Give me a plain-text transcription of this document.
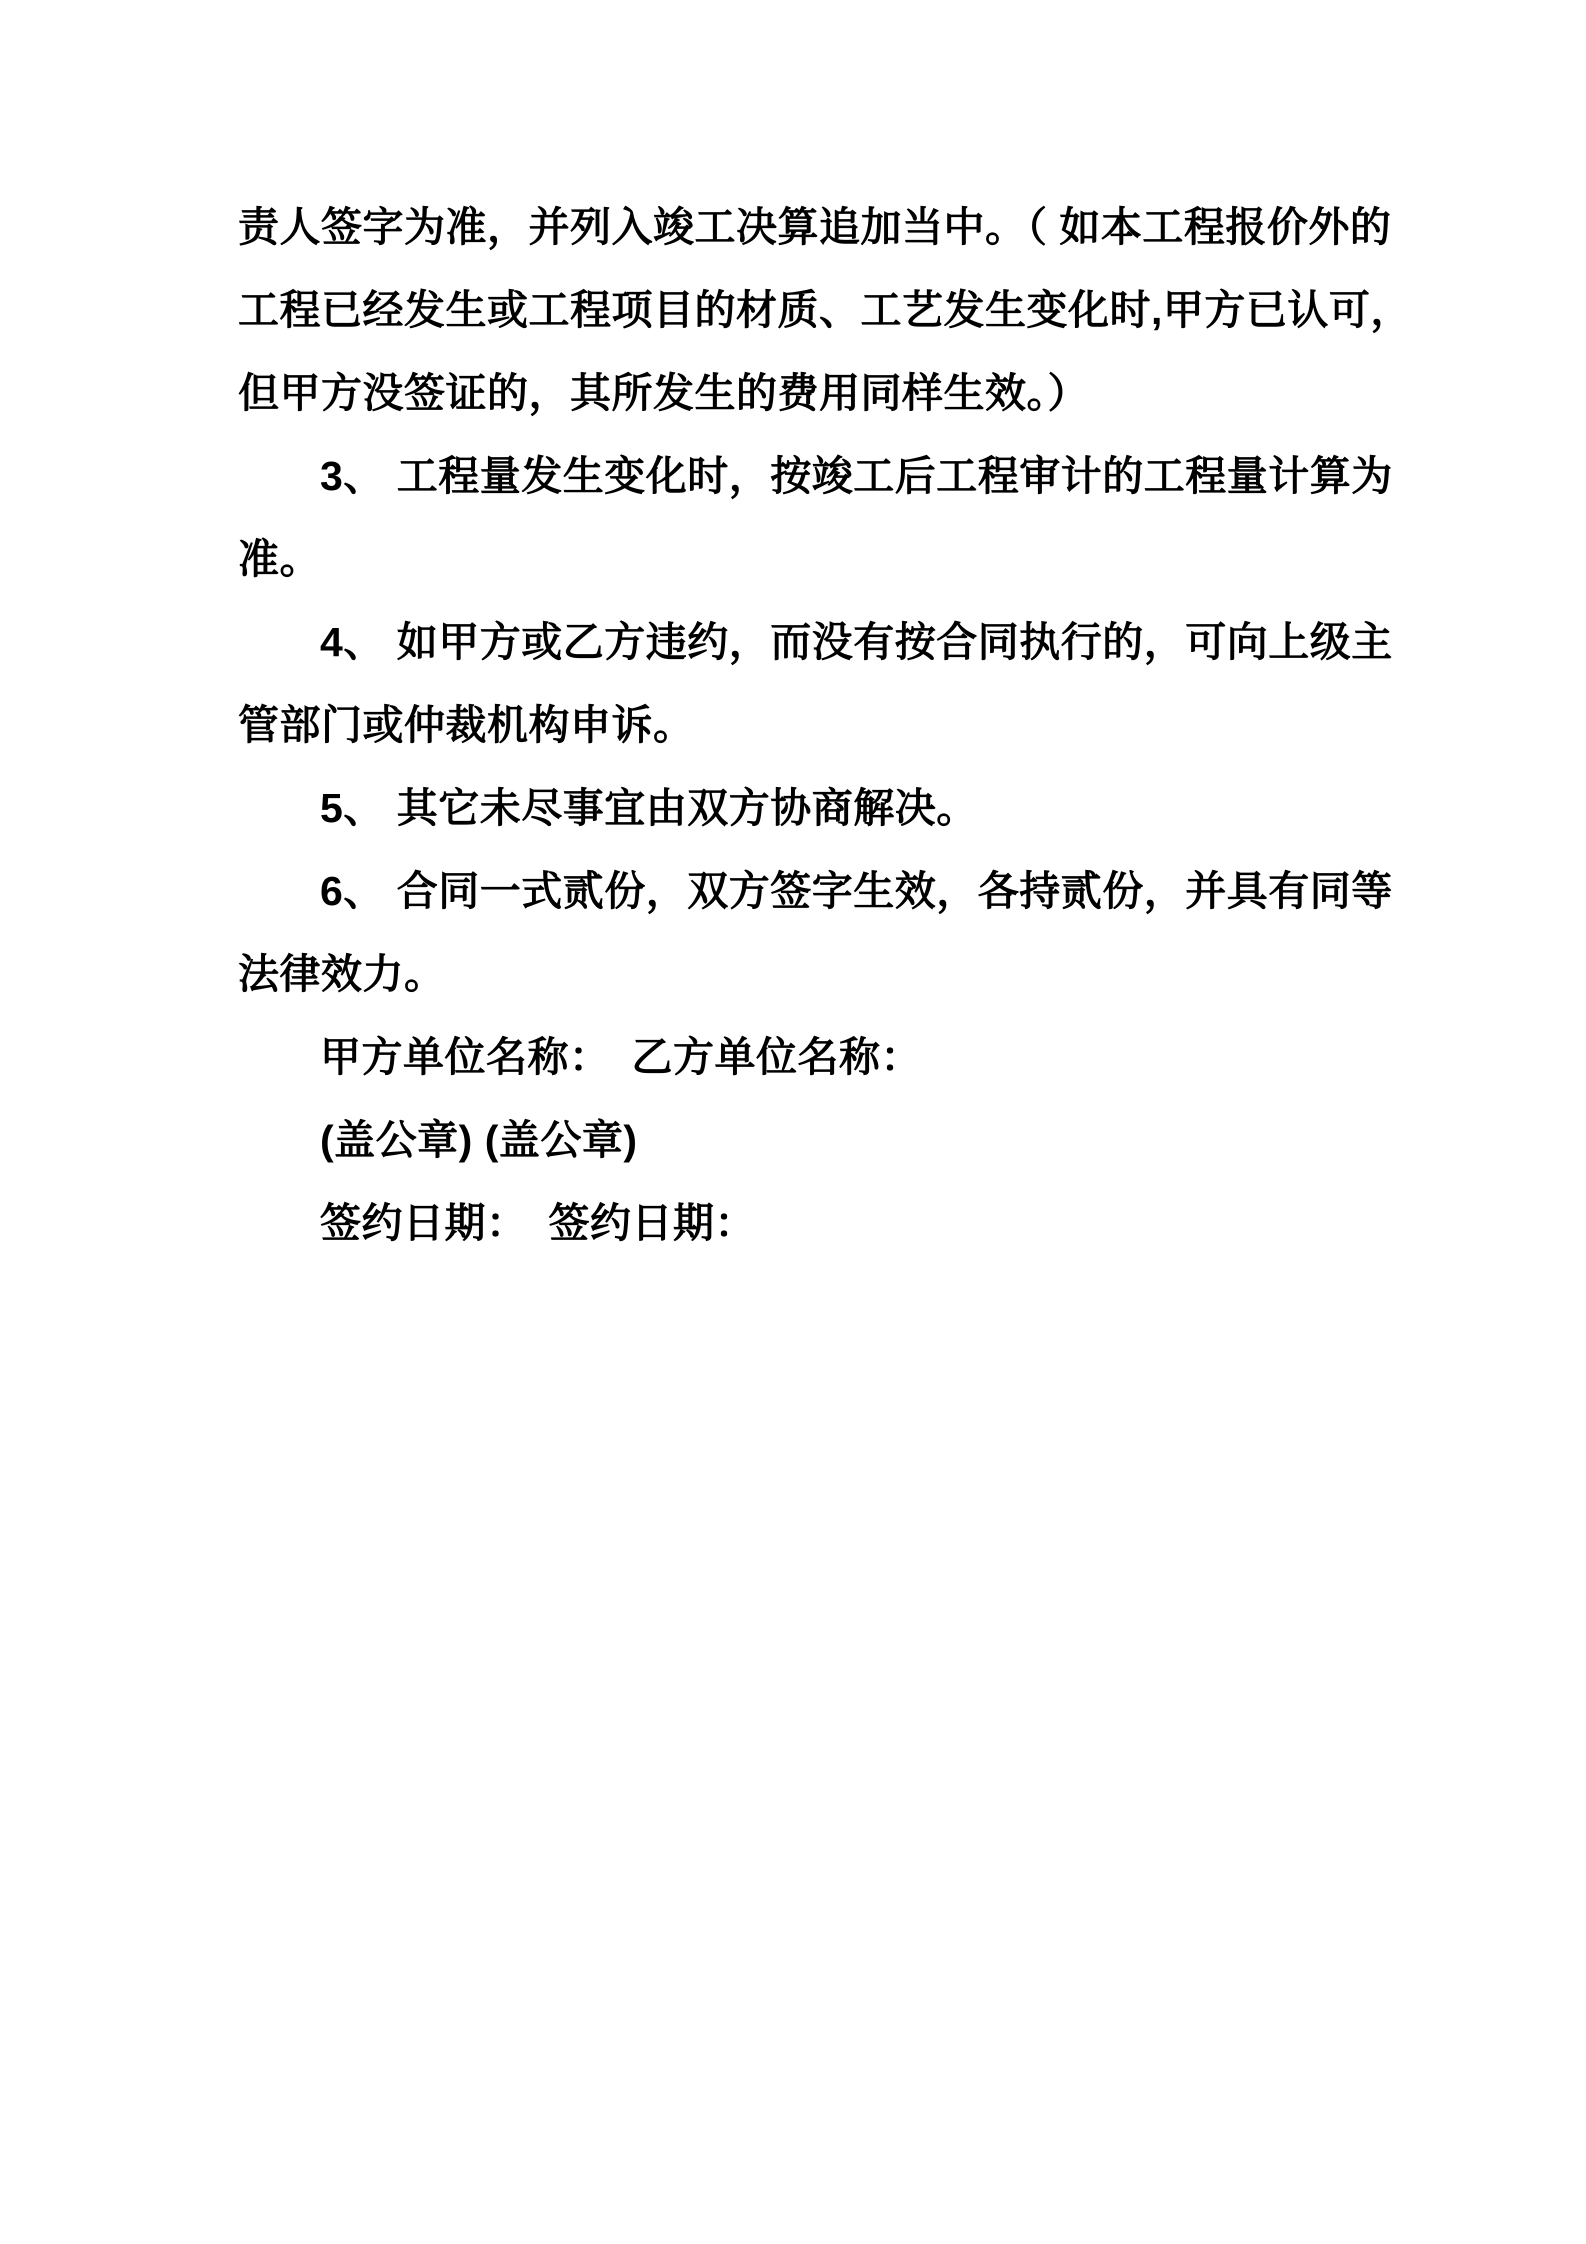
责人签字为准，并列入竣工决算追加当中。（ 如本工程报价外的
工程已经发生或工程项目的材质、工艺发生变化时,甲方已认可，
但甲方没签证的，其所发生的费用同样生效。）
3、 工程量发生变化时，按竣工后工程审计的工程量计算为
准。
4、 如甲方或乙方违约，而没有按合同执行的，可向上级主
管部门或仲裁机构申诉。
5、 其它未尽事宜由双方协商解决。
6、 合同一式贰份，双方签字生效，各持贰份，并具有同等
法律效力。
甲方单位名称：　乙方单位名称：
(盖公章) (盖公章)
签约日期：　签约日期：
